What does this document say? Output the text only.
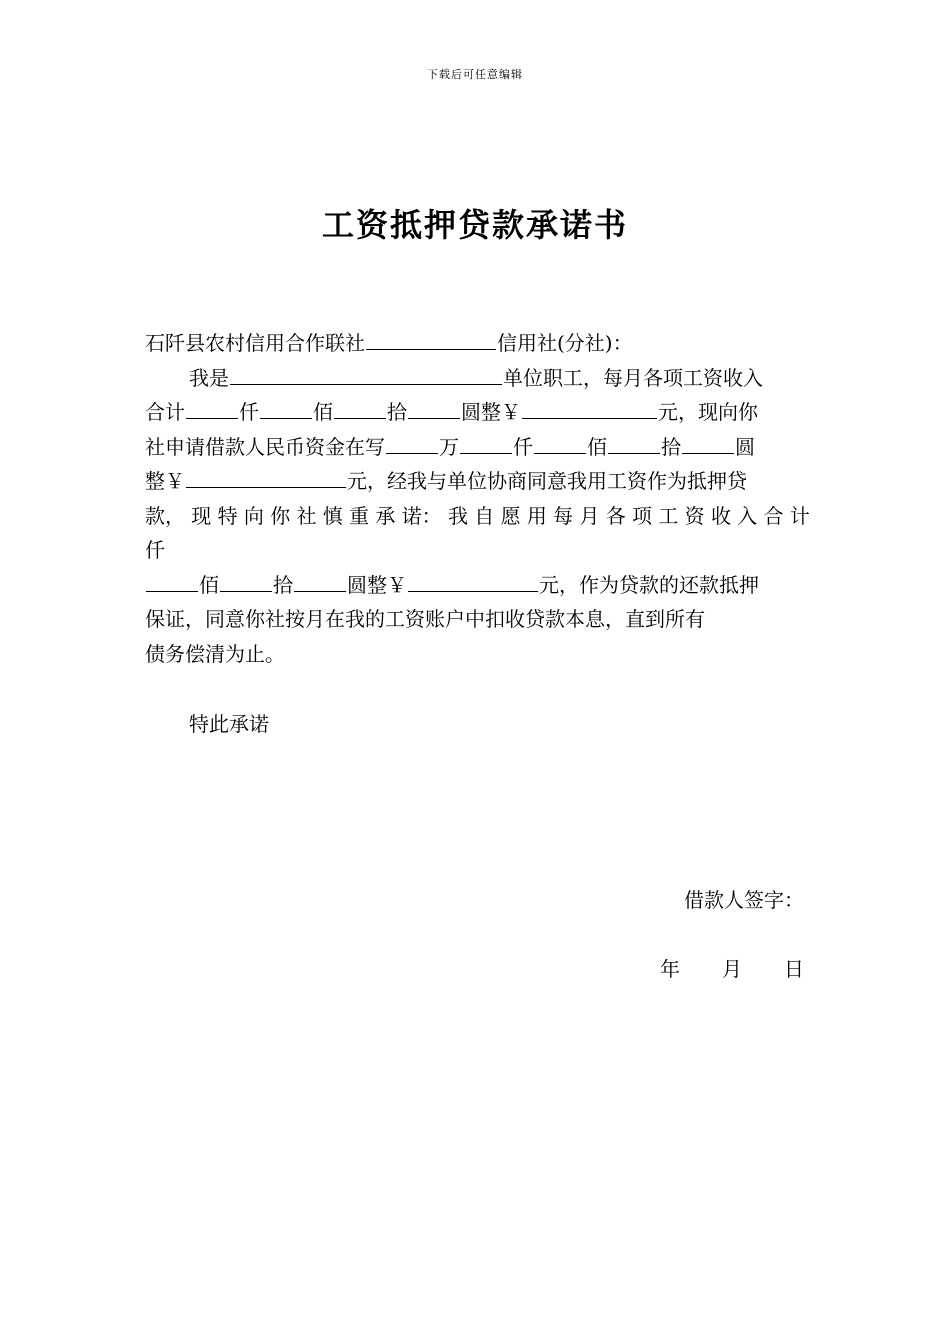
下载后可任意编辑
工资抵押贷款承诺书
石阡县农村信用合作联社	信用社(分社)：
我是	单位职工，每月各项工资收入
合计	仟	佰	拾	圆整￥	元，现向你
社申请借款人民币资金在写	万	仟	佰	拾	圆
整￥	元，经我与单位协商同意我用工资作为抵押贷
款， 现 特 向 你 社 慎 重 承 诺： 我 自 愿 用 每 月 各 项 工 资 收 入 合 计
仟
佰	拾	圆整￥	元，作为贷款的还款抵押
保证，同意你社按月在我的工资账户中扣收贷款本息，直到所有
债务偿清为止。
特此承诺
借款人签字：
年 月 日
